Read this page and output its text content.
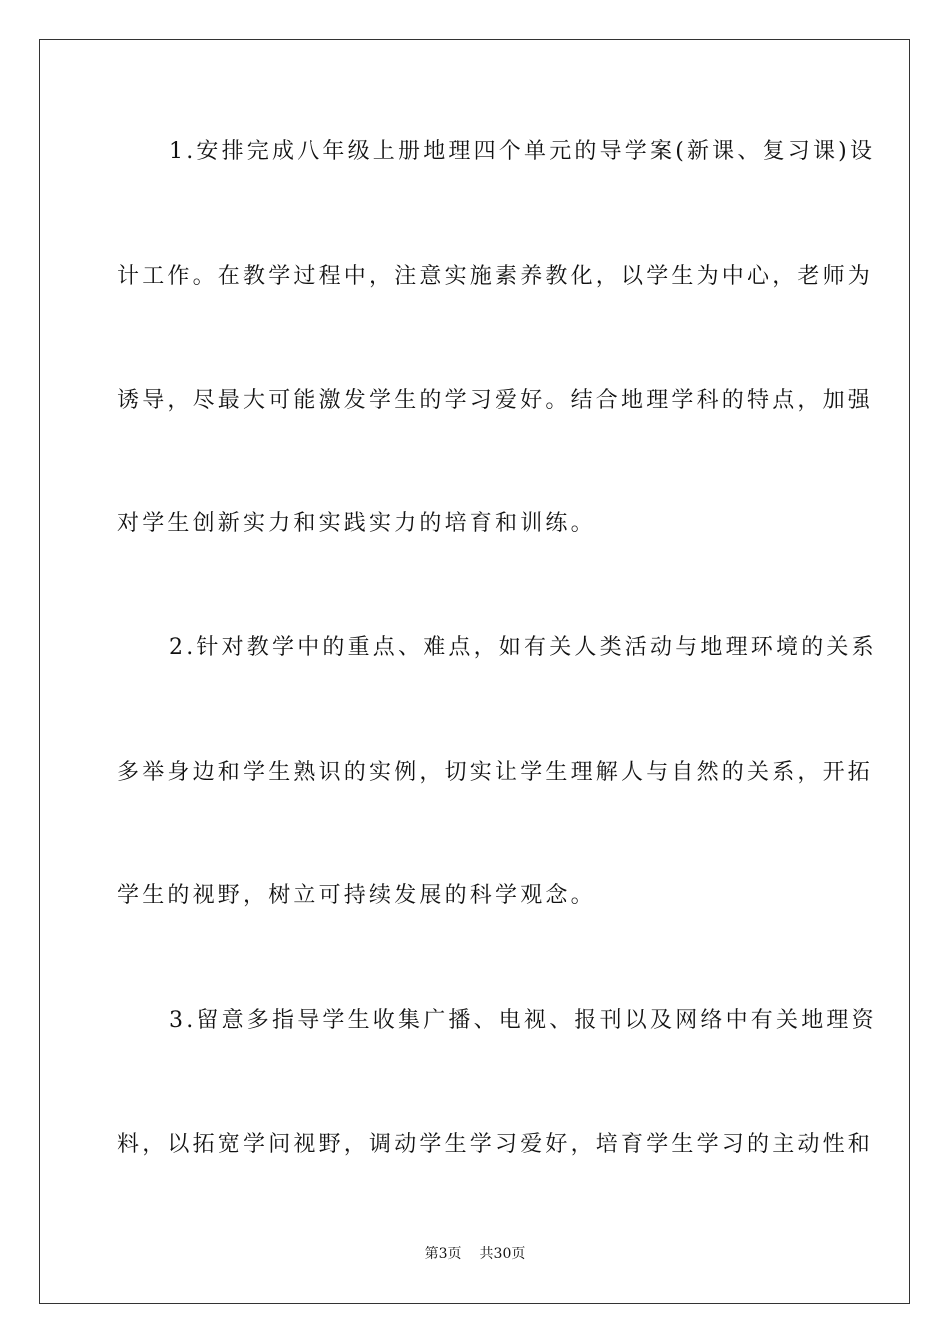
1.安排完成八年级上册地理四个单元的导学案(新课、复习课)设
计工作。在教学过程中，注意实施素养教化，以学生为中心，老师为
诱导，尽最大可能激发学生的学习爱好。结合地理学科的特点，加强
对学生创新实力和实践实力的培育和训练。
2.针对教学中的重点、难点，如有关人类活动与地理环境的关系
多举身边和学生熟识的实例，切实让学生理解人与自然的关系，开拓
学生的视野，树立可持续发展的科学观念。
3.留意多指导学生收集广播、电视、报刊以及网络中有关地理资
料，以拓宽学问视野，调动学生学习爱好，培育学生学习的主动性和
第3页 共30页
